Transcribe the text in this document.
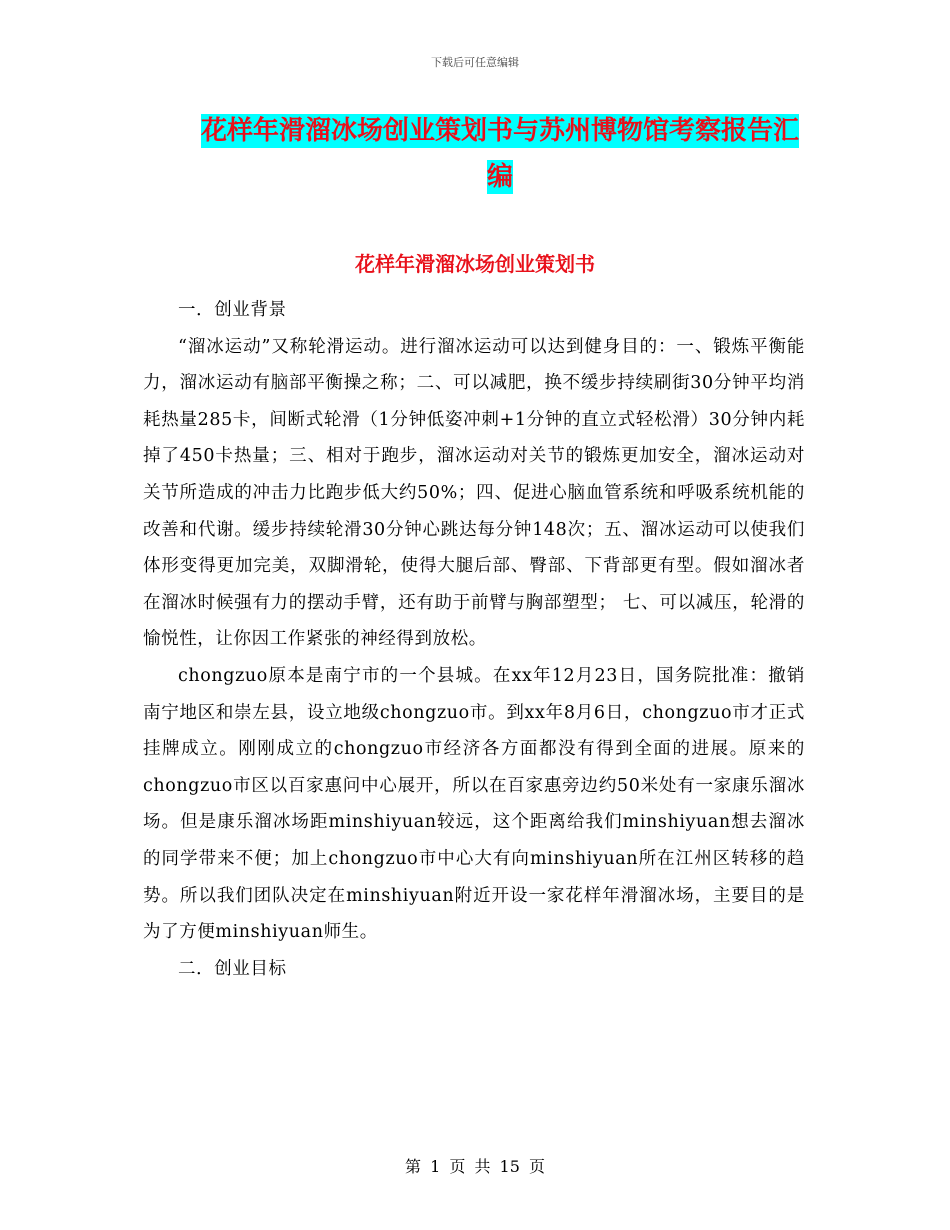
下载后可任意编辑
花样年滑溜冰场创业策划书与苏州博物馆考察报告汇编
花样年滑溜冰场创业策划书

一．创业背景

“溜冰运动”又称轮滑运动。进行溜冰运动可以达到健身目的：一、锻炼平衡能力，溜冰运动有脑部平衡操之称；二、可以减肥，换不缓步持续刷街30分钟平均消耗热量285卡，间断式轮滑（1分钟低姿冲刺+1分钟的直立式轻松滑）30分钟内耗掉了450卡热量；三、相对于跑步，溜冰运动对关节的锻炼更加安全，溜冰运动对关节所造成的冲击力比跑步低大约50%；四、促进心脑血管系统和呼吸系统机能的改善和代谢。缓步持续轮滑30分钟心跳达每分钟148次；五、溜冰运动可以使我们体形变得更加完美，双脚滑轮，使得大腿后部、臀部、下背部更有型。假如溜冰者在溜冰时候强有力的摆动手臂，还有助于前臂与胸部塑型； 七、可以减压，轮滑的愉悦性，让你因工作紧张的神经得到放松。

chongzuo原本是南宁市的一个县城。在xx年12月23日，国务院批准：撤销南宁地区和崇左县，设立地级chongzuo市。到xx年8月6日，chongzuo市才正式挂牌成立。刚刚成立的chongzuo市经济各方面都没有得到全面的进展。原来的chongzuo市区以百家惠问中心展开，所以在百家惠旁边约50米处有一家康乐溜冰场。但是康乐溜冰场距minshiyuan较远，这个距离给我们minshiyuan想去溜冰的同学带来不便；加上chongzuo市中心大有向minshiyuan所在江州区转移的趋势。所以我们团队决定在minshiyuan附近开设一家花样年滑溜冰场，主要目的是为了方便minshiyuan师生。

二．创业目标

第 1 页 共 15 页
